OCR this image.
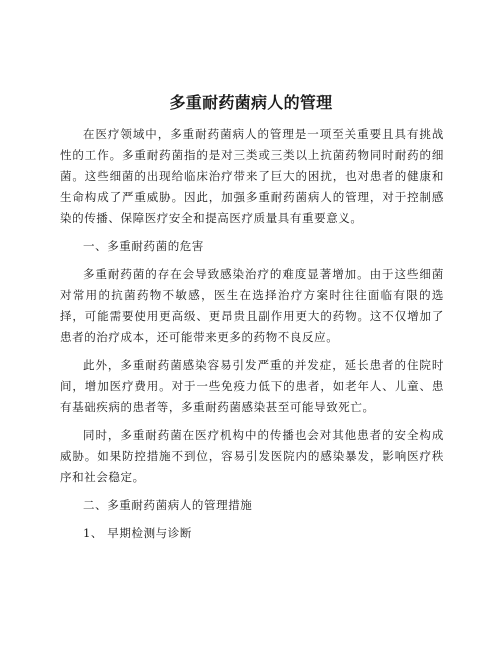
多重耐药菌病人的管理

在医疗领域中，多重耐药菌病人的管理是一项至关重要且具有挑战性的工作。多重耐药菌指的是对三类或三类以上抗菌药物同时耐药的细菌。这些细菌的出现给临床治疗带来了巨大的困扰，也对患者的健康和生命构成了严重威胁。因此，加强多重耐药菌病人的管理，对于控制感染的传播、保障医疗安全和提高医疗质量具有重要意义。

一、多重耐药菌的危害

多重耐药菌的存在会导致感染治疗的难度显著增加。由于这些细菌对常用的抗菌药物不敏感，医生在选择治疗方案时往往面临有限的选择，可能需要使用更高级、更昂贵且副作用更大的药物。这不仅增加了患者的治疗成本，还可能带来更多的药物不良反应。

此外，多重耐药菌感染容易引发严重的并发症，延长患者的住院时间，增加医疗费用。对于一些免疫力低下的患者，如老年人、儿童、患有基础疾病的患者等，多重耐药菌感染甚至可能导致死亡。

同时，多重耐药菌在医疗机构中的传播也会对其他患者的安全构成威胁。如果防控措施不到位，容易引发医院内的感染暴发，影响医疗秩序和社会稳定。

二、多重耐药菌病人的管理措施

1、 早期检测与诊断
